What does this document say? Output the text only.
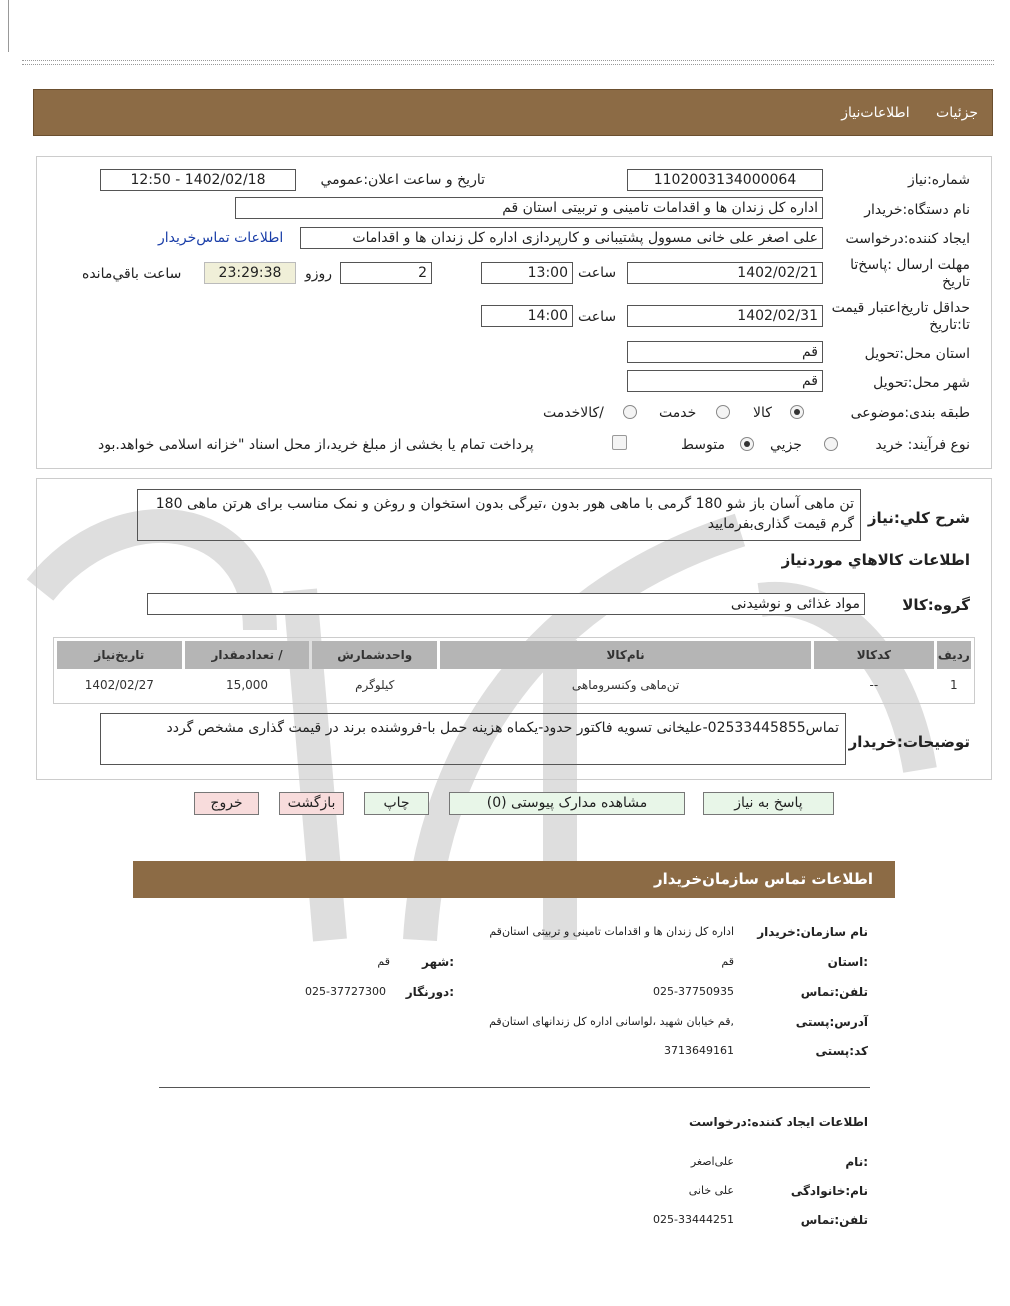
جزئیات اطلاعات‌نیاز
شماره:نیاز
1102003134000064
تاریخ و ساعت اعلان:عمومي
1402/02/18 - 12:50
نام دستگاه:خريدار
اداره کل زندان ها و اقدامات تامینی و تربیتی استان قم
ايجاد كننده:درخواست
علی اصغر علی خانی مسوول پشتیبانی و کارپردازی اداره کل زندان ها و اقدامات
اطلاعات تماس‌خريدار
مهلت ارسال :پاسخ‌تا تاريخ
1402/02/21
ساعت
13:00
2
روزو
23:29:38
ساعت باقي‌مانده
حداقل تاريخ‌اعتبار قيمت تا:تاريخ
1402/02/31
ساعت
14:00
استان محل:تحويل
قم
شهر محل:تحويل
قم
طبقه بندی:موضوعی
كالا
خدمت
/كالاخدمت
نوع فرآیند: خرید
جزيي
متوسط
پرداخت تمام يا بخشی از مبلغ خريد،از محل اسناد "خزانه اسلامی خواهد.بود
شرح کلي:نياز
تن ماهی آسان باز شو 180 گرمی با ماهی هور بدون ،تیرگی بدون استخوان و روغن و نمک مناسب برای هرتن ماهی 180 گرم قیمت گذاری‌بفرمایید
اطلاعات كالاهاي موردنياز
گروه:كالا
مواد غذائی و نوشیدنی
رديف	كدكالا	نام‌كالا	واحدشمارش	/ تعدادمقدار	تاريخ‌نياز
1	--	تن‌ماهی وكنسروماهی	کیلوگرم	15,000	1402/02/27
توضيحات:خريدار
تماس02533445855-علیخانی تسویه فاکتور حدود-یکماه هزینه حمل با-فروشنده برند در قیمت گذاری مشخص گردد
پاسخ به نياز
مشاهده مدارک پيوستی (0)
چاپ
بازگشت
خروج
اطلاعات تماس سازمان‌خريدار
نام سازمان:خريدار
اداره کل زندان ها و اقدامات تامینی و تربیتی استان‌قم
:استان
قم
:شهر
قم
تلفن:تماس
025-37750935
:دورنگار
025-37727300
آدرس:پستی
,قم خیابان شهید ،لواسانی اداره کل زندانهای استان‌قم
کد:پستی
3713649161
اطلاعات ايجاد كننده:درخواست
:نام
علی‌اصغر
نام:خانوادگی
علی خانی
تلفن:تماس
025-33444251
